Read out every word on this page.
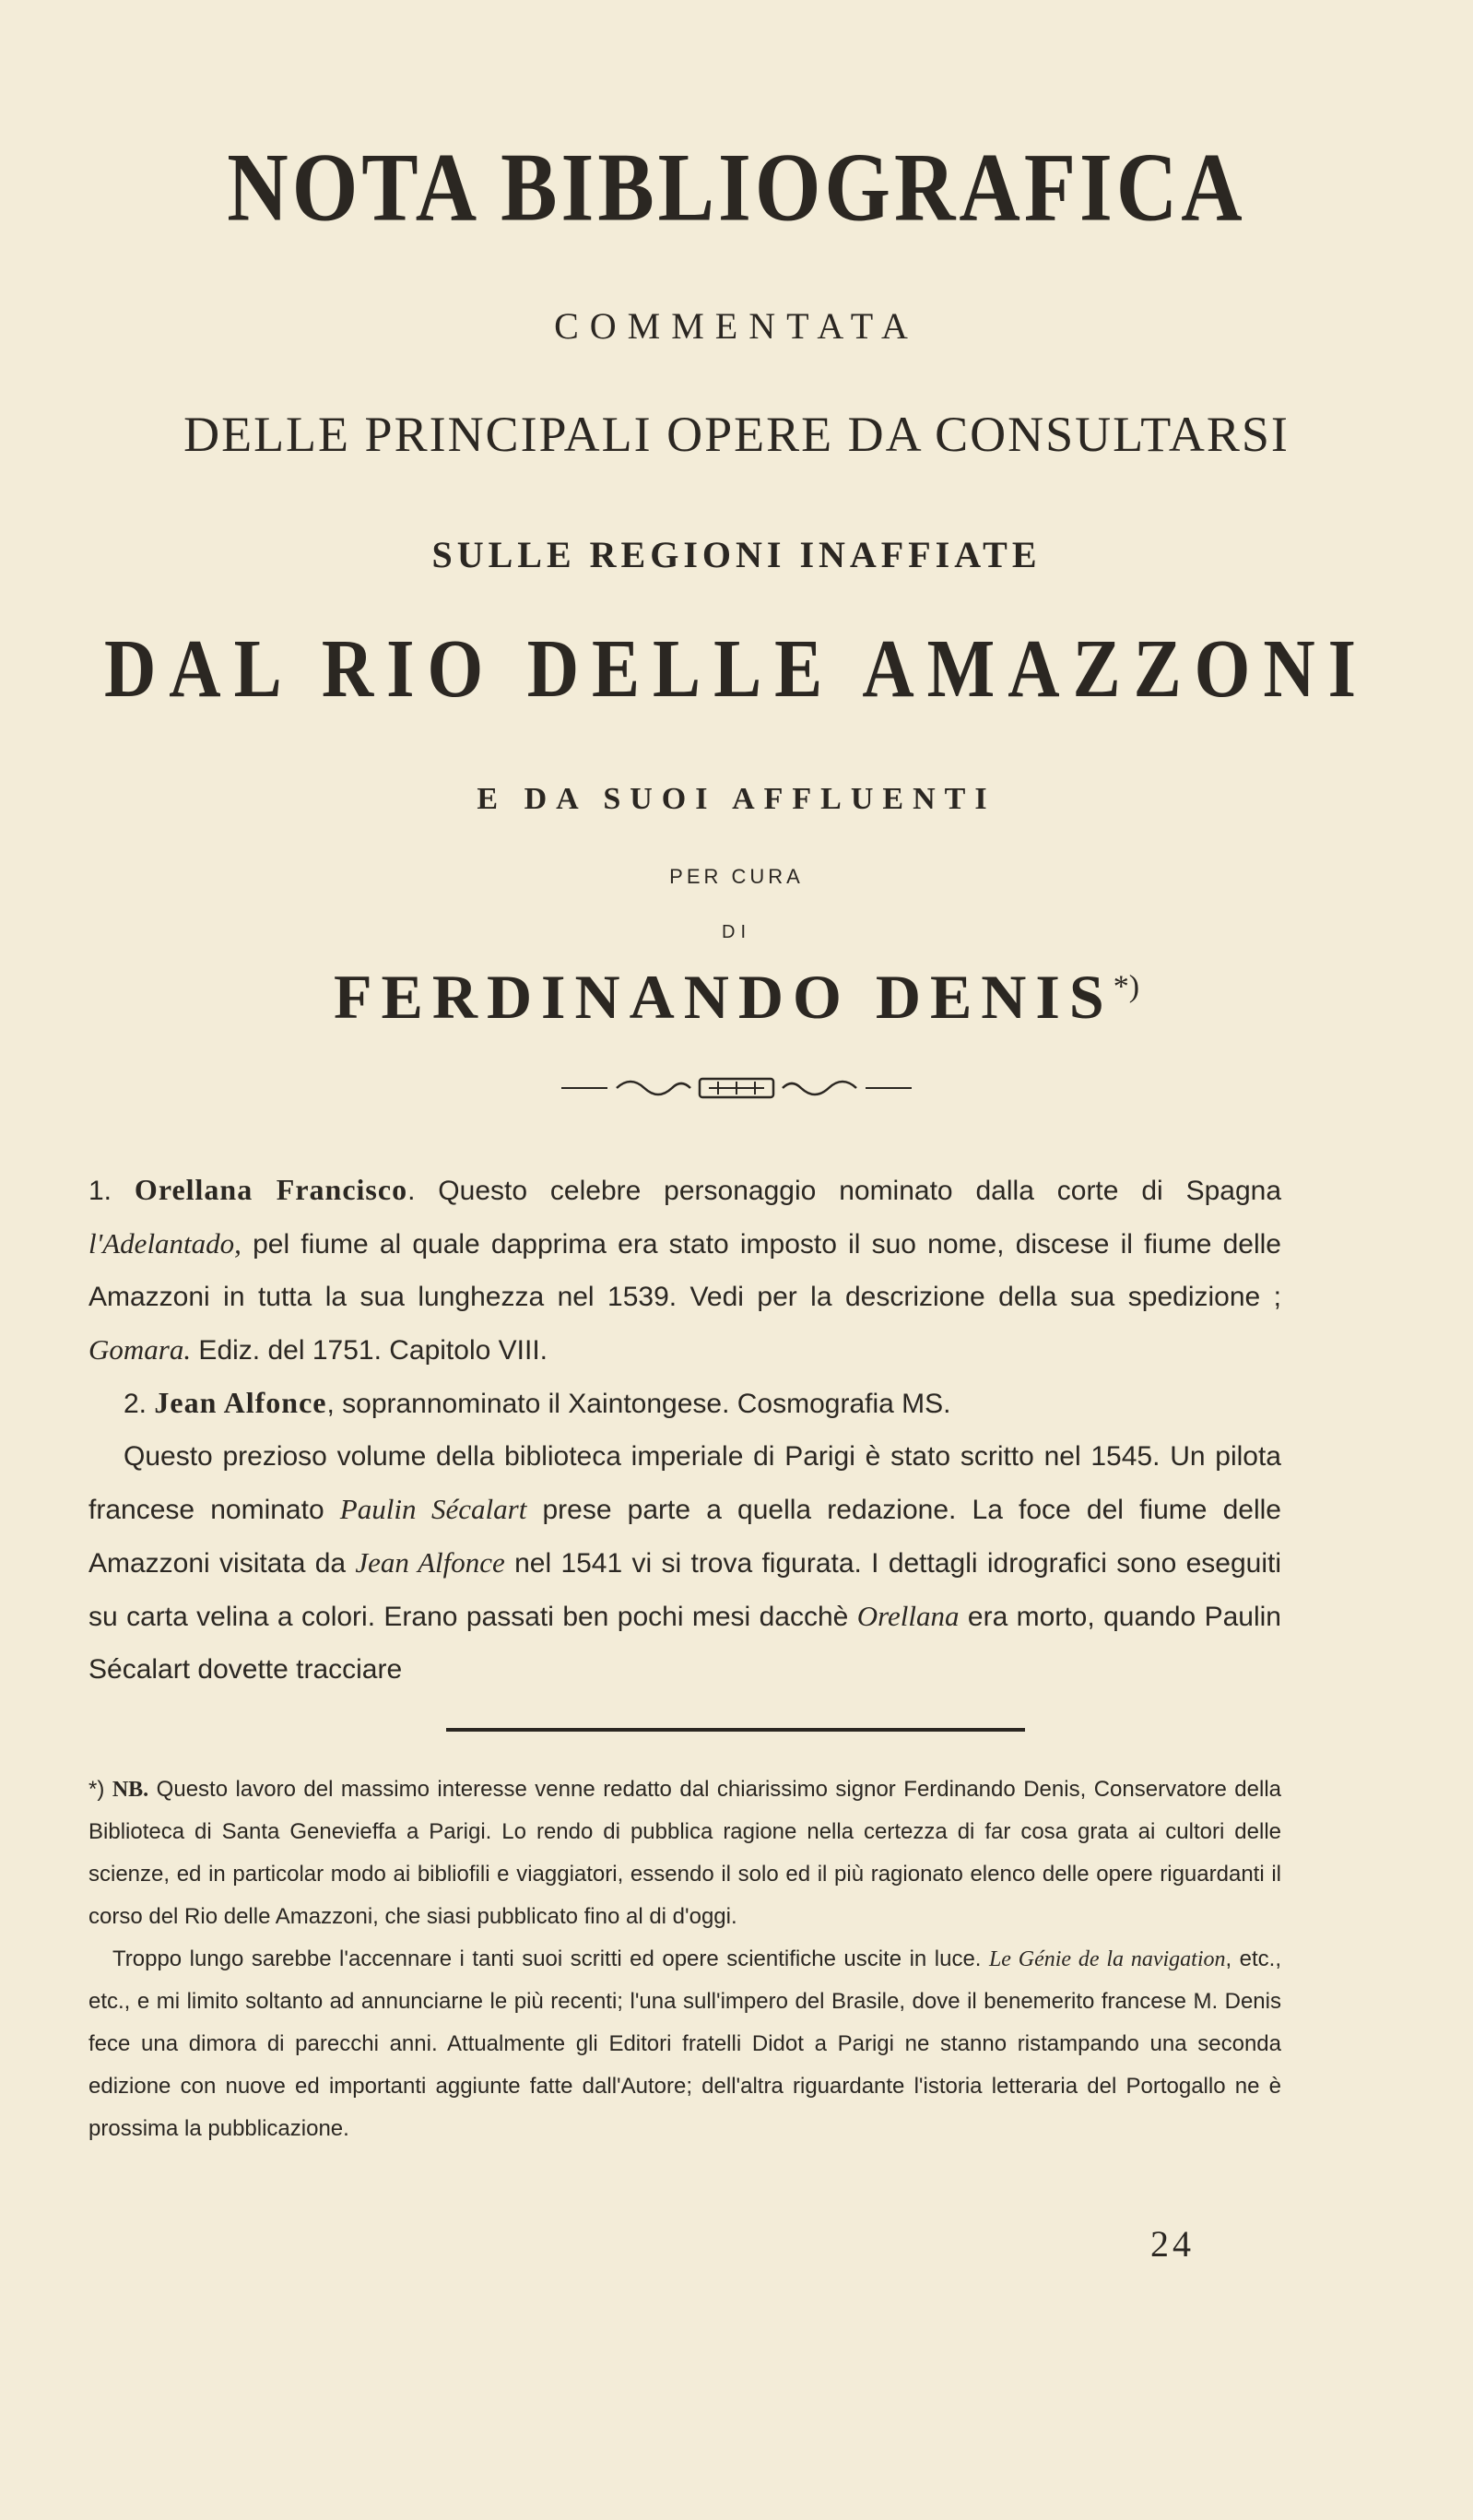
NOTA BIBLIOGRAFICA
COMMENTATA
DELLE PRINCIPALI OPERE DA CONSULTARSI
SULLE REGIONI INAFFIATE
DAL RIO DELLE AMAZZONI
E DA SUOI AFFLUENTI
PER CURA
DI
FERDINANDO DENIS*)

1. Orellana Francisco. Questo celebre personaggio nominato dalla corte di Spagna l'Adelantado, pel fiume al quale dapprima era stato imposto il suo nome, discese il fiume delle Amazzoni in tutta la sua lunghezza nel 1539. Vedi per la descrizione della sua spedizione ; Gomara. Ediz. del 1751. Capitolo VIII.

2. Jean Alfonce, soprannominato il Xaintongese. Cosmografia MS.

Questo prezioso volume della biblioteca imperiale di Parigi è stato scritto nel 1545. Un pilota francese nominato Paulin Sécalart prese parte a quella redazione. La foce del fiume delle Amazzoni visitata da Jean Alfonce nel 1541 vi si trova figurata. I dettagli idrografici sono eseguiti su carta velina a colori. Erano passati ben pochi mesi dacchè Orellana era morto, quando Paulin Sécalart dovette tracciare

*) NB. Questo lavoro del massimo interesse venne redatto dal chiarissimo signor Ferdinando Denis, Conservatore della Biblioteca di Santa Genevieffa a Parigi. Lo rendo di pubblica ragione nella certezza di far cosa grata ai cultori delle scienze, ed in particolar modo ai bibliofili e viaggiatori, essendo il solo ed il più ragionato elenco delle opere riguardanti il corso del Rio delle Amazzoni, che siasi pubblicato fino al di d'oggi.

Troppo lungo sarebbe l'accennare i tanti suoi scritti ed opere scientifiche uscite in luce. Le Génie de la navigation, etc., etc., e mi limito soltanto ad annunciarne le più recenti; l'una sull'impero del Brasile, dove il benemerito francese M. Denis fece una dimora di parecchi anni. Attualmente gli Editori fratelli Didot a Parigi ne stanno ristampando una seconda edizione con nuove ed importanti aggiunte fatte dall'Autore; dell'altra riguardante l'istoria letteraria del Portogallo ne è prossima la pubblicazione.

24
